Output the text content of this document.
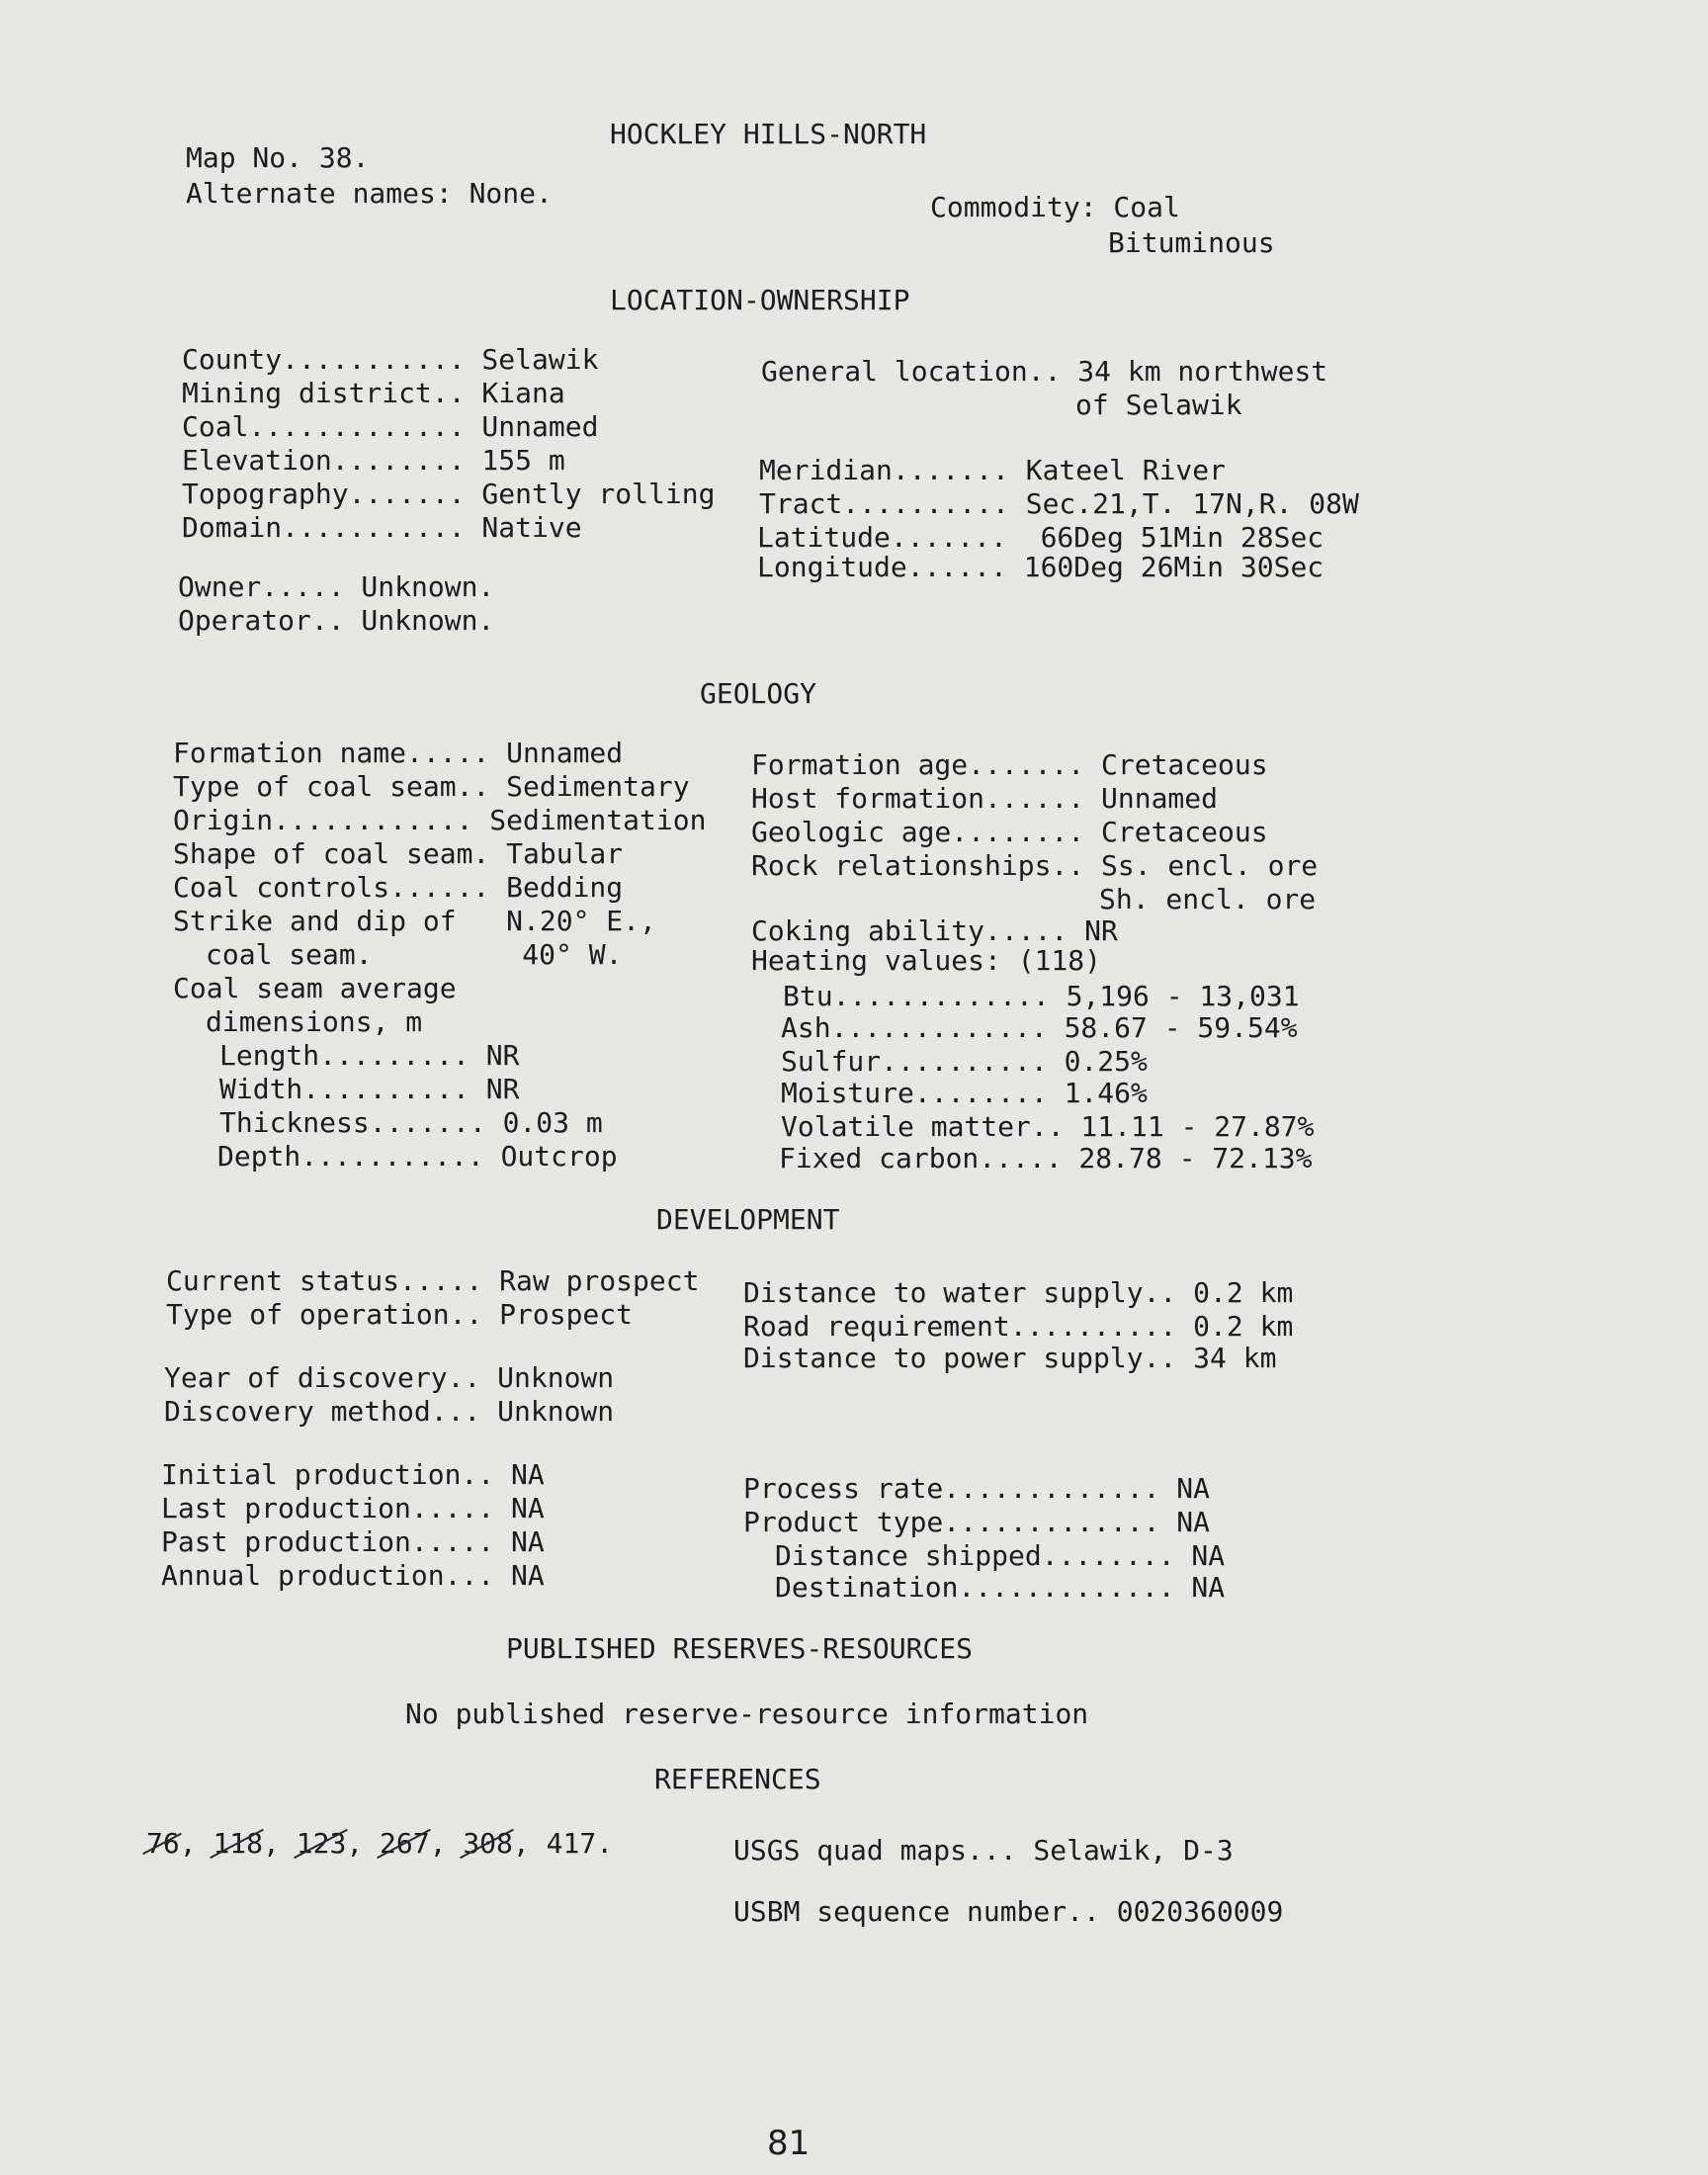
HOCKLEY HILLS-NORTH
Map No. 38.
Alternate names: None.	Commodity: Coal
Bituminous
LOCATION-OWNERSHIP
County........... Selawik
Mining district.. Kiana
Coal............. Unnamed
Elevation........ 155 m
Topography....... Gently rolling
Domain........... Native
Owner..... Unknown.
Operator.. Unknown.
General location.. 34 km northwest
of Selawik
Meridian....... Kateel River
Tract.......... Sec.21,T. 17N,R. 08W
Latitude.......  66Deg 51Min 28Sec
Longitude...... 160Deg 26Min 30Sec
GEOLOGY
Formation name..... Unnamed
Type of coal seam.. Sedimentary
Origin............ Sedimentation
Shape of coal seam. Tabular
Coal controls...... Bedding
Strike and dip of   N.20° E.,
coal seam.         40° W.
Coal seam average
dimensions, m
Length......... NR
Width.......... NR
Thickness....... 0.03 m
Depth........... Outcrop
Formation age....... Cretaceous
Host formation...... Unnamed
Geologic age........ Cretaceous
Rock relationships.. Ss. encl. ore
Sh. encl. ore
Coking ability..... NR
Heating values: (118)
Btu............. 5,196 - 13,031
Ash............. 58.67 - 59.54%
Sulfur.......... 0.25%
Moisture........ 1.46%
Volatile matter.. 11.11 - 27.87%
Fixed carbon..... 28.78 - 72.13%
DEVELOPMENT
Current status..... Raw prospect
Type of operation.. Prospect
Year of discovery.. Unknown
Discovery method... Unknown
Initial production.. NA
Last production..... NA
Past production..... NA
Annual production... NA
Distance to water supply.. 0.2 km
Road requirement.......... 0.2 km
Distance to power supply.. 34 km
Process rate............. NA
Product type............. NA
Distance shipped........ NA
Destination............. NA
PUBLISHED RESERVES-RESOURCES
No published reserve-resource information
REFERENCES
76, 118, 123, 267, 308, 417.	USGS quad maps... Selawik, D-3
USBM sequence number.. 0020360009
81
